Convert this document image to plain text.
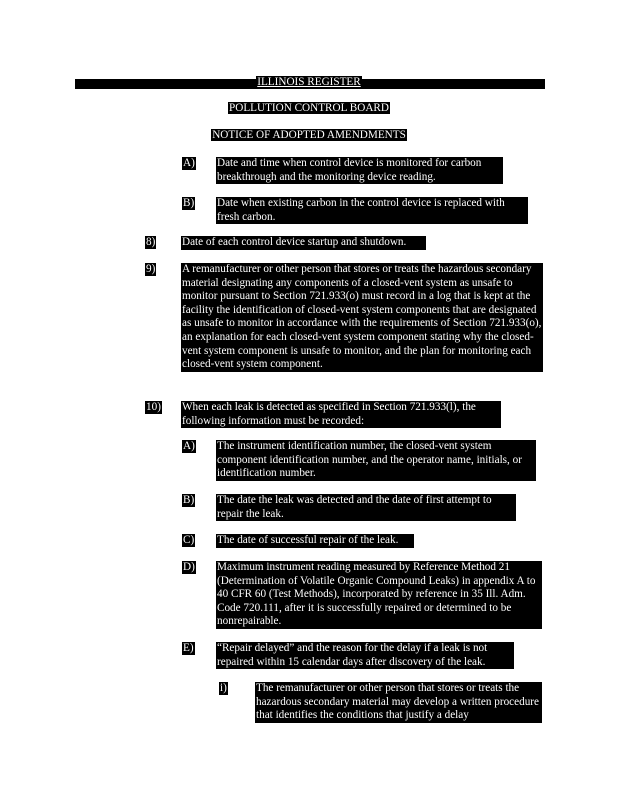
ILLINOIS REGISTER
POLLUTION CONTROL BOARD
NOTICE OF ADOPTED AMENDMENTS
A) Date and time when control device is monitored for carbon breakthrough and the monitoring device reading.
B) Date when existing carbon in the control device is replaced with fresh carbon.
8) Date of each control device startup and shutdown.
9) A remanufacturer or other person that stores or treats the hazardous secondary material designating any components of a closed-vent system as unsafe to monitor pursuant to Section 721.933(o) must record in a log that is kept at the facility the identification of closed-vent system components that are designated as unsafe to monitor in accordance with the requirements of Section 721.933(o), an explanation for each closed-vent system component stating why the closed-vent system component is unsafe to monitor, and the plan for monitoring each closed-vent system component.
10) When each leak is detected as specified in Section 721.933(l), the following information must be recorded:
A) The instrument identification number, the closed-vent system component identification number, and the operator name, initials, or identification number.
B) The date the leak was detected and the date of first attempt to repair the leak.
C) The date of successful repair of the leak.
D) Maximum instrument reading measured by Reference Method 21 (Determination of Volatile Organic Compound Leaks) in appendix A to 40 CFR 60 (Test Methods), incorporated by reference in 35 Ill. Adm. Code 720.111, after it is successfully repaired or determined to be nonrepairable.
E) “Repair delayed” and the reason for the delay if a leak is not repaired within 15 calendar days after discovery of the leak.
i)	The remanufacturer or other person that stores or treats the hazardous secondary material may develop a written procedure that identifies the conditions that justify a delay
